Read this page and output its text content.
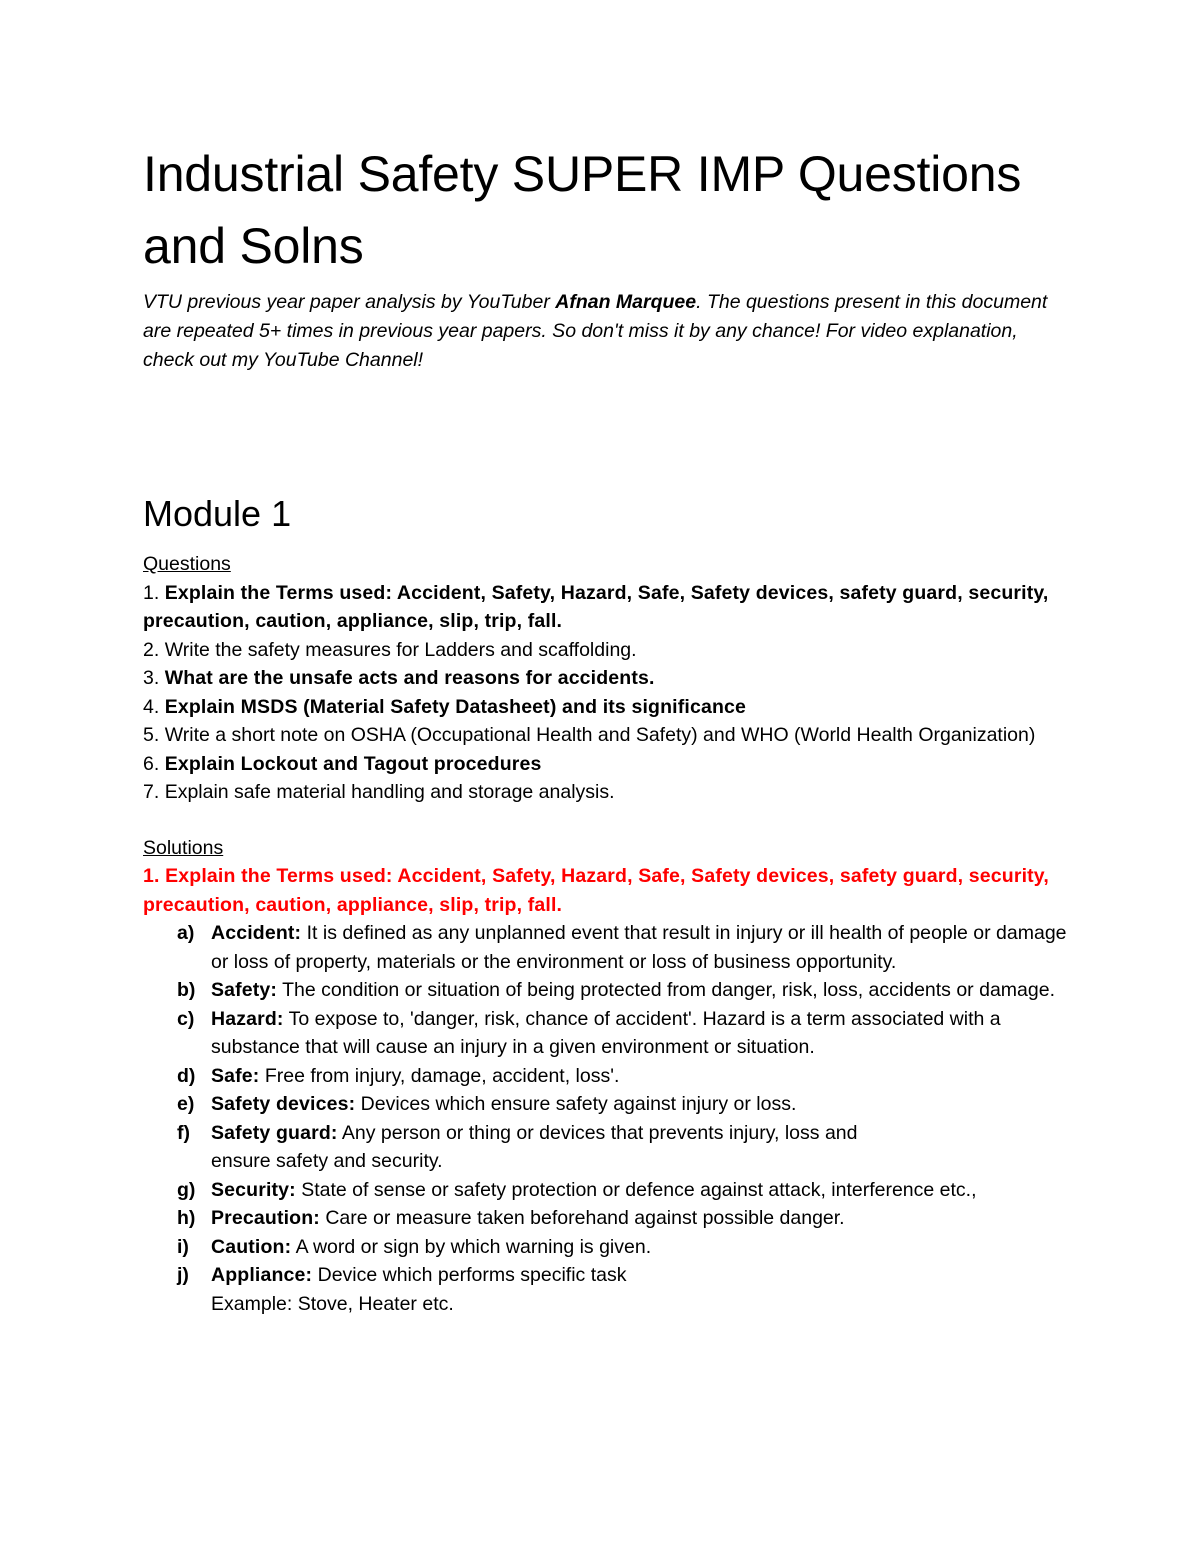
Industrial Safety SUPER IMP Questions and Solns

VTU previous year paper analysis by YouTuber Afnan Marquee. The questions present in this document are repeated 5+ times in previous year papers. So don't miss it by any chance! For video explanation, check out my YouTube Channel!

Module 1
Questions

1. Explain the Terms used: Accident, Safety, Hazard, Safe, Safety devices, safety guard, security, precaution, caution, appliance, slip, trip, fall.

2. Write the safety measures for Ladders and scaffolding.

3. What are the unsafe acts and reasons for accidents.

4. Explain MSDS (Material Safety Datasheet) and its significance

5. Write a short note on OSHA (Occupational Health and Safety) and WHO (World Health Organization)

6. Explain Lockout and Tagout procedures

7. Explain safe material handling and storage analysis.

Solutions

1. Explain the Terms used: Accident, Safety, Hazard, Safe, Safety devices, safety guard, security, precaution, caution, appliance, slip, trip, fall.

a) Accident: It is defined as any unplanned event that result in injury or ill health of people or damage or loss of property, materials or the environment or loss of business opportunity.
b) Safety: The condition or situation of being protected from danger, risk, loss, accidents or damage.
c) Hazard: To expose to, 'danger, risk, chance of accident'. Hazard is a term associated with a substance that will cause an injury in a given environment or situation.
d) Safe: Free from injury, damage, accident, loss'.
e) Safety devices: Devices which ensure safety against injury or loss.
f) Safety guard: Any person or thing or devices that prevents injury, loss and
ensure safety and security.
g) Security: State of sense or safety protection or defence against attack, interference etc.,
h) Precaution: Care or measure taken beforehand against possible danger.
i) Caution: A word or sign by which warning is given.
j) Appliance: Device which performs specific task
Example: Stove, Heater etc.
